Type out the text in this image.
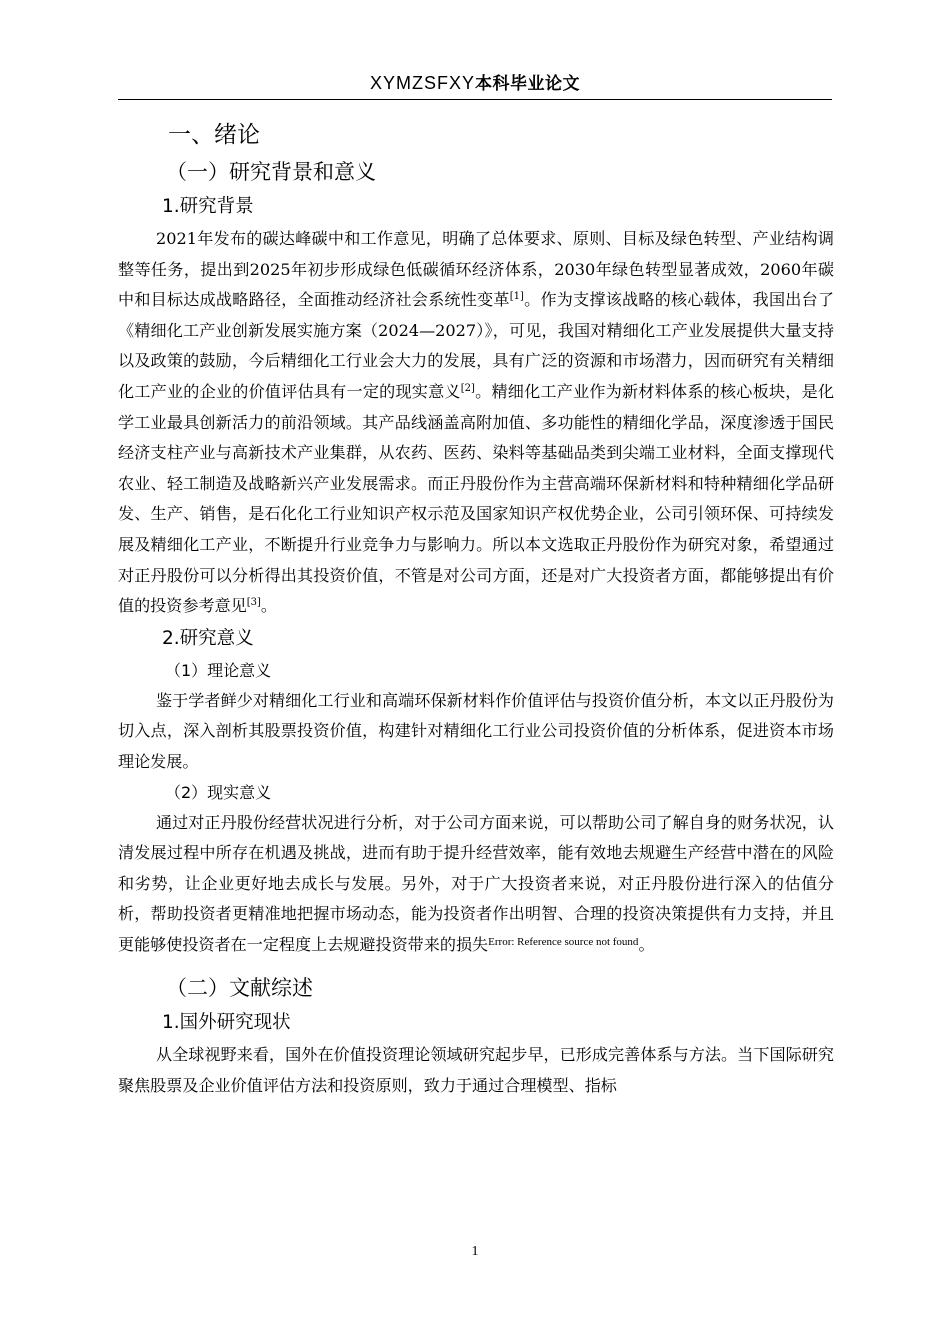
XYMZSFXY本科毕业论文
一、绪论
（一）研究背景和意义
1.研究背景

2021年发布的碳达峰碳中和工作意见，明确了总体要求、原则、目标及绿色转型、产业结构调整等任务，提出到2025年初步形成绿色低碳循环经济体系，2030年绿色转型显著成效，2060年碳中和目标达成战略路径，全面推动经济社会系统性变革[1]。作为支撑该战略的核心载体，我国出台了《精细化工产业创新发展实施方案（2024—2027）》，可见，我国对精细化工产业发展提供大量支持以及政策的鼓励，今后精细化工行业会大力的发展，具有广泛的资源和市场潜力，因而研究有关精细化工产业的企业的价值评估具有一定的现实意义[2]。精细化工产业作为新材料体系的核心板块，是化学工业最具创新活力的前沿领域。其产品线涵盖高附加值、多功能性的精细化学品，深度渗透于国民经济支柱产业与高新技术产业集群，从农药、医药、染料等基础品类到尖端工业材料，全面支撑现代农业、轻工制造及战略新兴产业发展需求。而正丹股份作为主营高端环保新材料和特种精细化学品研发、生产、销售，是石化化工行业知识产权示范及国家知识产权优势企业，公司引领环保、可持续发展及精细化工产业，不断提升行业竞争力与影响力。所以本文选取正丹股份作为研究对象，希望通过对正丹股份可以分析得出其投资价值，不管是对公司方面，还是对广大投资者方面，都能够提出有价值的投资参考意见[3]。

2.研究意义
（1）理论意义

鉴于学者鲜少对精细化工行业和高端环保新材料作价值评估与投资价值分析，本文以正丹股份为切入点，深入剖析其股票投资价值，构建针对精细化工行业公司投资价值的分析体系，促进资本市场理论发展。

（2）现实意义

通过对正丹股份经营状况进行分析，对于公司方面来说，可以帮助公司了解自身的财务状况，认清发展过程中所存在机遇及挑战，进而有助于提升经营效率，能有效地去规避生产经营中潜在的风险和劣势，让企业更好地去成长与发展。另外，对于广大投资者来说，对正丹股份进行深入的估值分析，帮助投资者更精准地把握市场动态，能为投资者作出明智、合理的投资决策提供有力支持，并且更能够使投资者在一定程度上去规避投资带来的损失$^{Error: Reference source not found}$。

（二）文献综述
1.国外研究现状

从全球视野来看，国外在价值投资理论领域研究起步早，已形成完善体系与方法。当下国际研究聚焦股票及企业价值评估方法和投资原则，致力于通过合理模型、指标

1
